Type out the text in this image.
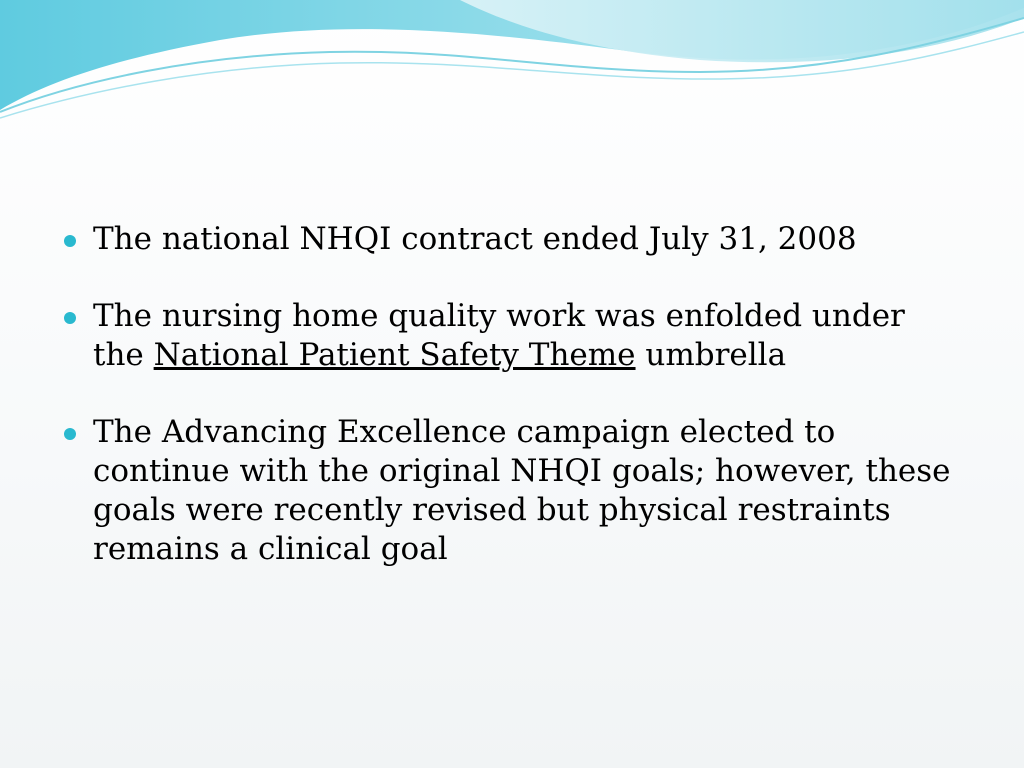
The national NHQI contract ended July 31, 2008
The nursing home quality work was enfolded under the National Patient Safety Theme umbrella
The Advancing Excellence campaign elected to continue with the original NHQI goals; however, these goals were recently revised but physical restraints remains a clinical goal
